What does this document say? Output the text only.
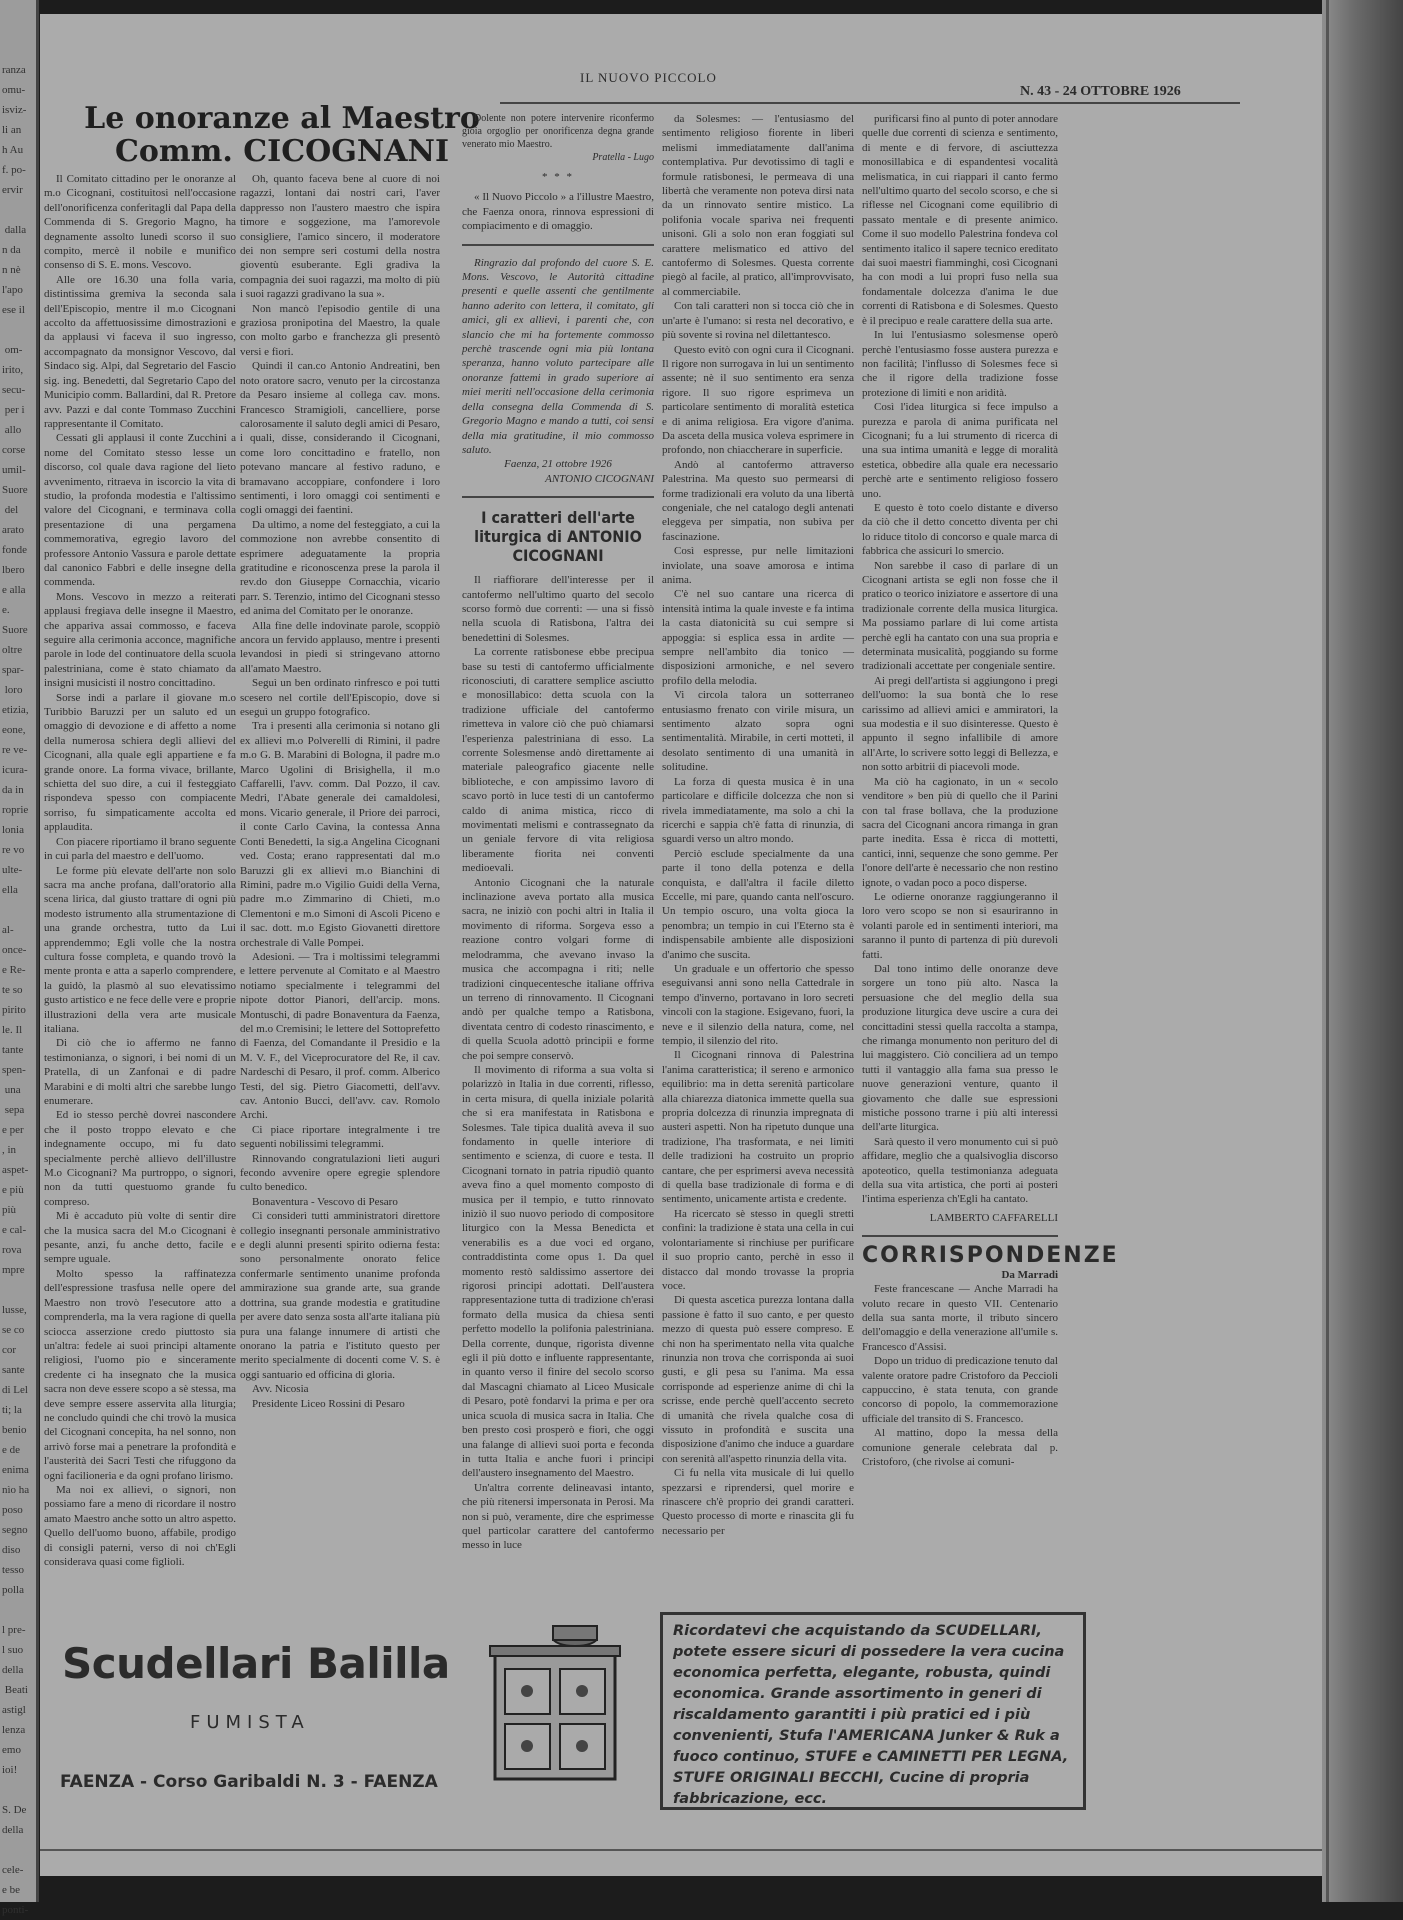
ranza
omu-
isviz-
li an
h Au
f. po-
ervir

dalla
n da
n nè
l'apo
ese il

om-
irito,
secu-
per i
allo
corse
umil-
Suore
del
arato
fonde
lbero
e alla
e.
Suore
oltre
spar-
loro
etizia,
eone,
re ve-
icura-
da in
roprie
lonia
re vo
ulte-
ella

al-
once-
e Re-
te so
pirito
le. Il
tante
spen-
una
sepa
e per
, in
aspet-
e più
più
e cal-
rova
mpre

lusse,
se co
cor
sante
di Lel
ti; la
benio
e de
enima
nìo ha
poso
segno
diso
tesso
polla

l pre-
l suo
della
Beati
astigl
lenza
emo
ioi!

S. De
della

cele-
e be
ponti-
IL NUOVO PICCOLO
N. 43 - 24 OTTOBRE 1926
Le onoranze al Maestro Comm. CICOGNANI

Il Comitato cittadino per le onoranze al m.o Cicognani, costituitosi nell'occasione dell'onorificenza conferitagli dal Papa della Commenda di S. Gregorio Magno, ha degnamente assolto lunedì scorso il suo compito, mercè il nobile e munifico consenso di S. E. mons. Vescovo.

Alle ore 16.30 una folla varia, distintissima gremiva la seconda sala dell'Episcopio, mentre il m.o Cicognani accolto da affettuosissime dimostrazioni e da applausi vi faceva il suo ingresso, accompagnato da monsignor Vescovo, dal Sindaco sig. Alpi, dal Segretario del Fascio sig. ing. Benedetti, dal Segretario Capo del Municipio comm. Ballardini, dal R. Pretore avv. Pazzi e dal conte Tommaso Zucchini rappresentante il Comitato.

Cessati gli applausi il conte Zucchini a nome del Comitato stesso lesse un discorso, col quale dava ragione del lieto avvenimento, ritraeva in iscorcio la vita di studio, la profonda modestia e l'altissimo valore del Cicognani, e terminava colla presentazione di una pergamena commemorativa, egregio lavoro del professore Antonio Vassura e parole dettate dal canonico Fabbri e delle insegne della commenda.

Mons. Vescovo in mezzo a reiterati applausi fregiava delle insegne il Maestro, che appariva assai commosso, e faceva seguire alla cerimonia acconce, magnifiche parole in lode del continuatore della scuola palestriniana, come è stato chiamato da insigni musicisti il nostro concittadino.

Sorse indi a parlare il giovane m.o Turibbio Baruzzi per un saluto ed un omaggio di devozione e di affetto a nome della numerosa schiera degli allievi del Cicognani, alla quale egli appartiene e fa grande onore. La forma vivace, brillante, schietta del suo dire, a cui il festeggiato rispondeva spesso con compiacente sorriso, fu simpaticamente accolta ed applaudita.

Con piacere riportiamo il brano seguente in cui parla del maestro e dell'uomo.

Le forme più elevate dell'arte non solo sacra ma anche profana, dall'oratorio alla scena lirica, dal giusto trattare di ogni più modesto istrumento alla strumentazione di una grande orchestra, tutto da Lui apprendemmo; Egli volle che la nostra cultura fosse completa, e quando trovò la mente pronta e atta a saperlo comprendere, la guidò, la plasmò al suo elevatissimo gusto artistico e ne fece delle vere e proprie illustrazioni della vera arte musicale italiana.

Di ciò che io affermo ne fanno testimonianza, o signori, i bei nomi di un Pratella, di un Zanfonai e di padre Marabini e di molti altri che sarebbe lungo enumerare.

Ed io stesso perchè dovrei nascondere che il posto troppo elevato e che indegnamente occupo, mi fu dato specialmente perchè allievo dell'illustre M.o Cicognani? Ma purtroppo, o signori, non da tutti questuomo grande fu compreso.

Mi è accaduto più volte di sentir dire che la musica sacra del M.o Cicognani è pesante, anzi, fu anche detto, facile e sempre uguale.

Molto spesso la raffinatezza dell'espressione trasfusa nelle opere del Maestro non trovò l'esecutore atto a comprenderla, ma la vera ragione di quella sciocca asserzione credo piuttosto sia un'altra: fedele ai suoi principi altamente religiosi, l'uomo pio e sinceramente credente ci ha insegnato che la musica sacra non deve essere scopo a sè stessa, ma deve sempre essere asservita alla liturgia; ne concludo quindi che chi trovò la musica del Cicognani concepita, ha nel sonno, non arrivò forse mai a penetrare la profondità e l'austerità dei Sacri Testi che rifuggono da ogni facilioneria e da ogni profano lirismo.

Ma noi ex allievi, o signori, non possiamo fare a meno di ricordare il nostro amato Maestro anche sotto un altro aspetto. Quello dell'uomo buono, affabile, prodigo di consigli paterni, verso di noi ch'Egli considerava quasi come figlioli.

Oh, quanto faceva bene al cuore di noi ragazzi, lontani dai nostri cari, l'aver dappresso non l'austero maestro che ispira timore e soggezione, ma l'amorevole consigliere, l'amico sincero, il moderatore dei non sempre seri costumi della nostra gioventù esuberante. Egli gradiva la compagnia dei suoi ragazzi, ma molto di più i suoi ragazzi gradivano la sua ».

Non mancò l'episodio gentile di una graziosa pronipotina del Maestro, la quale con molto garbo e franchezza gli presentò versi e fiori.

Quindi il can.co Antonio Andreatini, ben noto oratore sacro, venuto per la circostanza da Pesaro insieme al collega cav. mons. Francesco Stramigioli, cancelliere, porse calorosamente il saluto degli amici di Pesaro, i quali, disse, considerando il Cicognani, come loro concittadino e fratello, non potevano mancare al festivo raduno, e bramavano accoppiare, confondere i loro sentimenti, i loro omaggi coi sentimenti e cogli omaggi dei faentini.

Da ultimo, a nome del festeggiato, a cui la commozione non avrebbe consentito di esprimere adeguatamente la propria gratitudine e riconoscenza prese la parola il rev.do don Giuseppe Cornacchia, vicario parr. S. Terenzio, intimo del Cicognani stesso ed anima del Comitato per le onoranze.

Alla fine delle indovinate parole, scoppiò ancora un fervido applauso, mentre i presenti levandosi in piedi si stringevano attorno all'amato Maestro.

Seguì un ben ordinato rinfresco e poi tutti scesero nel cortile dell'Episcopio, dove si eseguì un gruppo fotografico.

Tra i presenti alla cerimonia si notano gli ex allievi m.o Polverelli di Rimini, il padre m.o G. B. Marabini di Bologna, il padre m.o Marco Ugolini di Brisighella, il m.o Caffarelli, l'avv. comm. Dal Pozzo, il cav. Medri, l'Abate generale dei camaldolesi, mons. Vicario generale, il Priore dei parroci, il conte Carlo Cavina, la contessa Anna Conti Benedetti, la sig.a Angelina Cicognani ved. Costa; erano rappresentati dal m.o Baruzzi gli ex allievi m.o Bianchini di Rimini, padre m.o Vigilio Guidi della Verna, padre m.o Zimmarino di Chieti, m.o Clementoni e m.o Simoni di Ascoli Piceno e il sac. dott. m.o Egisto Giovanetti direttore orchestrale di Valle Pompei.

Adesioni. — Tra i moltissimi telegrammi e lettere pervenute al Comitato e al Maestro notiamo specialmente i telegrammi del nipote dottor Pianori, dell'arcip. mons. Montuschi, di padre Bonaventura da Faenza, del m.o Cremisini; le lettere del Sottoprefetto di Faenza, del Comandante il Presidio e la M. V. F., del Viceprocuratore del Re, il cav. Nardeschi di Pesaro, il prof. comm. Alberico Testi, del sig. Pietro Giacometti, dell'avv. cav. Antonio Bucci, dell'avv. cav. Romolo Archi.

Ci piace riportare integralmente i tre seguenti nobilissimi telegrammi.

Rinnovando congratulazioni lieti auguri fecondo avvenire opere egregie splendore culto benedico.

Bonaventura - Vescovo di Pesaro

Ci considerì tutti amministratori direttore collegio insegnanti personale amministrativo e degli alunni presenti spirito odierna festa: sono personalmente onorato felice confermarle sentimento unanime profonda ammirazione sua grande arte, sua grande dottrina, sua grande modestia e gratitudine per avere dato senza sosta all'arte italiana più pura una falange innumere di artisti che onorano la patria e l'istituto questo per merito specialmente di docenti come V. S. è oggi santuario ed officina di gloria.

Avv. Nicosia

Presidente Liceo Rossini di Pesaro

Dolente non potere intervenire riconfermo gioia orgoglio per onorificenza degna grande venerato mio Maestro.

Pratella - Lugo

* * *

« Il Nuovo Piccolo » a l'illustre Maestro, che Faenza onora, rinnova espressioni di compiacimento e di omaggio.

Ringrazio dal profondo del cuore S. E. Mons. Vescovo, le Autorità cittadine presenti e quelle assenti che gentilmente hanno aderito con lettera, il comitato, gli amici, gli ex allievi, i parenti che, con slancio che mi ha fortemente commosso perchè trascende ogni mia più lontana speranza, hanno voluto partecipare alle onoranze fattemi in grado superiore ai miei meriti nell'occasione della cerimonia della consegna della Commenda di S. Gregorio Magno e mando a tutti, coi sensi della mia gratitudine, il mio commosso saluto.

Faenza, 21 ottobre 1926

ANTONIO CICOGNANI

I caratteri dell'arte liturgica di ANTONIO CICOGNANI

Il riaffiorare dell'interesse per il cantofermo nell'ultimo quarto del secolo scorso formò due correnti: — una si fissò nella scuola di Ratisbona, l'altra dei benedettini di Solesmes.

La corrente ratisbonese ebbe precipua base su testi di cantofermo ufficialmente riconosciuti, di carattere semplice asciutto e monosillabico: detta scuola con la tradizione ufficiale del cantofermo rimetteva in valore ciò che può chiamarsi l'esperienza palestriniana di esso. La corrente Solesmense andò direttamente ai materiale paleografico giacente nelle biblioteche, e con ampissimo lavoro di scavo portò in luce testi di un cantofermo caldo di anima mistica, ricco di movimentati melismi e contrassegnato da un geniale fervore di vita religiosa liberamente fiorita nei conventi medioevali.

Antonio Cicognani che la naturale inclinazione aveva portato alla musica sacra, ne iniziò con pochi altri in Italia il movimento di riforma. Sorgeva esso a reazione contro volgari forme di melodramma, che avevano invaso la musica che accompagna i riti; nelle tradizioni cinquecentesche italiane offriva un terreno di rinnovamento. Il Cicognani andò per qualche tempo a Ratisbona, diventata centro di codesto rinascimento, e di quella Scuola adottò principii e forme che poi sempre conservò.

Il movimento di riforma a sua volta si polarizzò in Italia in due correnti, riflesso, in certa misura, di quella iniziale polarità che si era manifestata in Ratisbona e Solesmes. Tale tipica dualità aveva il suo fondamento in quelle interiore di sentimento e scienza, di cuore e testa. Il Cicognani tornato in patria ripudiò quanto aveva fino a quel momento composto di musica per il tempio, e tutto rinnovato iniziò il suo nuovo periodo di compositore liturgico con la Messa Benedicta et venerabilis es a due voci ed organo, contraddistinta come opus 1. Da quel momento restò saldissimo assertore dei rigorosi principi adottati. Dell'austera rappresentazione tutta di tradizione ch'erasi formato della musica da chiesa senti perfetto modello la polifonia palestriniana. Della corrente, dunque, rigorista divenne egli il più dotto e influente rappresentante, in quanto verso il finire del secolo scorso dal Mascagni chiamato al Liceo Musicale di Pesaro, potè fondarvi la prima e per ora unica scuola di musica sacra in Italia. Che ben presto così prosperò e fiorì, che oggi una falange di allievi suoi porta e feconda in tutta Italia e anche fuori i principi dell'austero insegnamento del Maestro.

Un'altra corrente delineavasi intanto, che più ritenersi impersonata in Perosi. Ma non si può, veramente, dire che esprimesse quel particolar carattere del cantofermo messo in luce

da Solesmes: — l'entusiasmo del sentimento religioso fiorente in liberi melismi immediatamente dall'anima contemplativa. Pur devotissimo di tagli e formule ratisbonesi, le permeava di una libertà che veramente non poteva dirsi nata da un rinnovato sentire mistico. La polifonia vocale spariva nei frequenti unisoni. Gli a solo non eran foggiati sul carattere melismatico ed attivo del cantofermo di Solesmes. Questa corrente piegò al facile, al pratico, all'improvvisato, al commerciabile.

Con tali caratteri non si tocca ciò che in un'arte è l'umano: si resta nel decorativo, e più sovente si rovina nel dilettantesco.

Questo evitò con ogni cura il Cicognani. Il rigore non surrogava in lui un sentimento assente; nè il suo sentimento era senza rigore. Il suo rigore esprimeva un particolare sentimento di moralità estetica e di anima religiosa. Era vigore d'anima. Da asceta della musica voleva esprimere in profondo, non chiaccherare in superficie.

Andò al cantofermo attraverso Palestrina. Ma questo suo permearsi di forme tradizionali era voluto da una libertà congeniale, che nel catalogo degli antenati eleggeva per simpatia, non subiva per fascinazione.

Così espresse, pur nelle limitazioni inviolate, una soave amorosa e intima anima.

C'è nel suo cantare una ricerca di intensità intima la quale investe e fa intima la casta diatonicità su cui sempre si appoggia: si esplica essa in ardite — sempre nell'ambito dia tonico — disposizioni armoniche, e nel severo profilo della melodia.

Vi circola talora un sotterraneo entusiasmo frenato con virile misura, un sentimento alzato sopra ogni sentimentalità. Mirabile, in certi motteti, il desolato sentimento di una umanità in solitudine.

La forza di questa musica è in una particolare e difficile dolcezza che non si rivela immediatamente, ma solo a chi la ricerchi e sappia ch'è fatta di rinunzia, di sguardi verso un altro mondo.

Perciò esclude specialmente da una parte il tono della potenza e della conquista, e dall'altra il facile diletto Eccelle, mi pare, quando canta nell'oscuro. Un tempio oscuro, una volta gioca la penombra; un tempio in cui l'Eterno sta è indispensabile ambiente alle disposizioni d'animo che suscita.

Un graduale e un offertorio che spesso eseguivansi anni sono nella Cattedrale in tempo d'inverno, portavano in loro secreti vincoli con la stagione. Esigevano, fuori, la neve e il silenzio della natura, come, nel tempio, il silenzio del rito.

Il Cicognani rinnova di Palestrina l'anima caratteristica; il sereno e armonico equilibrio: ma in detta serenità particolare alla chiarezza diatonica immette quella sua propria dolcezza di rinunzia impregnata di austeri aspetti. Non ha ripetuto dunque una tradizione, l'ha trasformata, e nei limiti delle tradizioni ha costruito un proprio cantare, che per esprimersi aveva necessità di quella base tradizionale di forma e di sentimento, unicamente artista e credente.

Ha ricercato sè stesso in quegli stretti confini: la tradizione è stata una cella in cui volontariamente si rinchiuse per purificare il suo proprio canto, perchè in esso il distacco dal mondo trovasse la propria voce.

Di questa ascetica purezza lontana dalla passione è fatto il suo canto, e per questo mezzo di questa può essere compreso. E chi non ha sperimentato nella vita qualche rinunzia non trova che corrisponda ai suoi gusti, e gli pesa su l'anima. Ma essa corrisponde ad esperienze anime di chi la scrisse, ende perchè quell'accento secreto di umanità che rivela qualche cosa di vissuto in profondità e suscita una disposizione d'animo che induce a guardare con serenità all'aspetto rinunzia della vita.

Ci fu nella vita musicale di lui quello spezzarsi e riprendersi, quel morire e rinascere ch'è proprio dei grandi caratteri. Questo processo di morte e rinascita gli fu necessario per

purificarsi fino al punto di poter annodare quelle due correnti di scienza e sentimento, di mente e di fervore, di asciuttezza monosillabica e di espandentesi vocalità melismatica, in cui riappari il canto fermo nell'ultimo quarto del secolo scorso, e che si riflesse nel Cicognani come equilibrio di passato mentale e di presente animico. Come il suo modello Palestrina fondeva col sentimento italico il sapere tecnico ereditato dai suoi maestri fiamminghi, così Cicognani ha con modi a lui propri fuso nella sua fondamentale dolcezza d'anima le due correnti di Ratisbona e di Solesmes. Questo è il precipuo e reale carattere della sua arte.

In lui l'entusiasmo solesmense operò perchè l'entusiasmo fosse austera purezza e non facilità; l'influsso di Solesmes fece sì che il rigore della tradizione fosse protezione di limiti e non aridità.

Così l'idea liturgica si fece impulso a purezza e parola di anima purificata nel Cicognani; fu a lui strumento di ricerca di una sua intima umanità e legge di moralità estetica, obbedire alla quale era necessario perchè arte e sentimento religioso fossero uno.

E questo è toto coelo distante e diverso da ciò che il detto concetto diventa per chi lo riduce titolo di concorso e quale marca di fabbrica che assicuri lo smercio.

Non sarebbe il caso di parlare di un Cicognani artista se egli non fosse che il pratico o teorico iniziatore e assertore di una tradizionale corrente della musica liturgica. Ma possiamo parlare di lui come artista perchè egli ha cantato con una sua propria e determinata musicalità, poggiando su forme tradizionali accettate per congeniale sentire.

Ai pregi dell'artista si aggiungono i pregi dell'uomo: la sua bontà che lo rese carissimo ad allievi amici e ammiratori, la sua modestia e il suo disinteresse. Questo è appunto il segno infallibile di amore all'Arte, lo scrivere sotto leggi di Bellezza, e non sotto arbitrii di piacevoli mode.

Ma ciò ha cagionato, in un « secolo venditore » ben più di quello che il Parini con tal frase bollava, che la produzione sacra del Cicognani ancora rimanga in gran parte inedita. Essa è ricca di mottetti, cantici, inni, sequenze che sono gemme. Per l'onore dell'arte è necessario che non restino ignote, o vadan poco a poco disperse.

Le odierne onoranze raggiungeranno il loro vero scopo se non si esauriranno in volanti parole ed in sentimenti interiori, ma saranno il punto di partenza di più durevoli fatti.

Dal tono intimo delle onoranze deve sorgere un tono più alto. Nasca la persuasione che del meglio della sua produzione liturgica deve uscire a cura dei concittadini stessi quella raccolta a stampa, che rimanga monumento non perituro del di lui maggistero. Ciò conciliera ad un tempo tutti il vantaggio alla fama sua presso le nuove generazioni venture, quanto il giovamento che dalle sue espressioni mistiche possono trarne i più alti interessi dell'arte liturgica.

Sarà questo il vero monumento cui si può affidare, meglio che a qualsivoglia discorso apoteotico, quella testimonianza adeguata della sua vita artistica, che porti ai posteri l'intima esperienza ch'Egli ha cantato.

LAMBERTO CAFFARELLI

CORRISPONDENZE

Da Marradi

Feste francescane — Anche Marradi ha voluto recare in questo VII. Centenario della sua santa morte, il tributo sincero dell'omaggio e della venerazione all'umile s. Francesco d'Assisi.

Dopo un triduo di predicazione tenuto dal valente oratore padre Cristoforo da Peccioli cappuccino, è stata tenuta, con grande concorso di popolo, la commemorazione ufficiale del transito di S. Francesco.

Al mattino, dopo la messa della comunione generale celebrata dal p. Cristoforo, (che rivolse ai comuni-

Scudellari Balilla
FUMISTA
FAENZA - Corso Garibaldi N. 3 - FAENZA
Ricordatevi che acquistando da SCUDELLARI, potete essere sicuri di possedere la vera cucina economica perfetta, elegante, robusta, quindi economica. Grande assortimento in generi di riscaldamento garantiti i più pratici ed i più convenienti, Stufa l'AMERICANA Junker & Ruk a fuoco continuo, STUFE e CAMINETTI PER LEGNA, STUFE ORIGINALI BECCHI, Cucine di propria fabbricazione, ecc.
